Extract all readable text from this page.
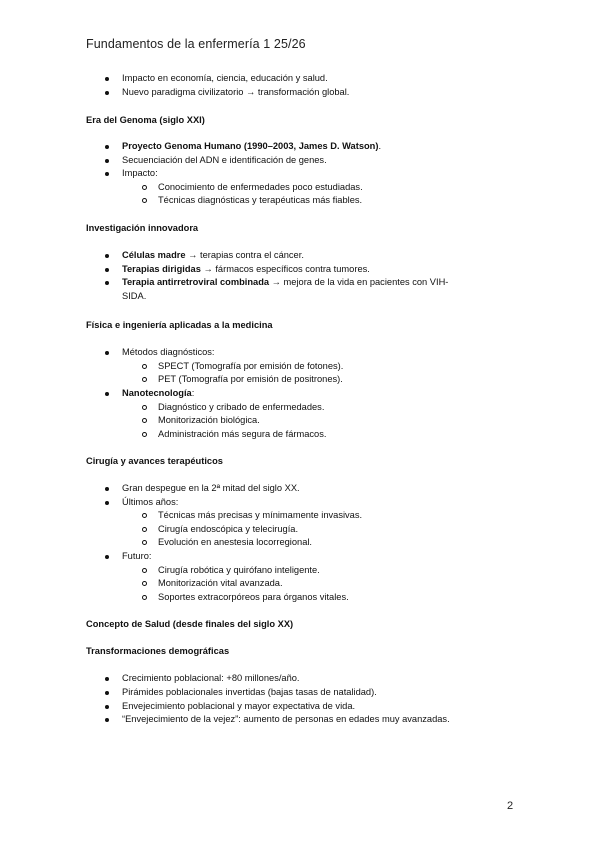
Fundamentos de la enfermería 1 25/26
Impacto en economía, ciencia, educación y salud.
Nuevo paradigma civilizatorio → transformación global.
Era del Genoma (siglo XXI)
Proyecto Genoma Humano (1990–2003, James D. Watson).
Secuenciación del ADN e identificación de genes.
Impacto:
Conocimiento de enfermedades poco estudiadas.
Técnicas diagnósticas y terapéuticas más fiables.
Investigación innovadora
Células madre → terapias contra el cáncer.
Terapias dirigidas → fármacos específicos contra tumores.
Terapia antirretroviral combinada → mejora de la vida en pacientes con VIH-
SIDA.
Física e ingeniería aplicadas a la medicina
Métodos diagnósticos:
SPECT (Tomografía por emisión de fotones).
PET (Tomografía por emisión de positrones).
Nanotecnología:
Diagnóstico y cribado de enfermedades.
Monitorización biológica.
Administración más segura de fármacos.
Cirugía y avances terapéuticos
Gran despegue en la 2ª mitad del siglo XX.
Últimos años:
Técnicas más precisas y mínimamente invasivas.
Cirugía endoscópica y telecirugía.
Evolución en anestesia locorregional.
Futuro:
Cirugía robótica y quirófano inteligente.
Monitorización vital avanzada.
Soportes extracorpóreos para órganos vitales.
Concepto de Salud (desde finales del siglo XX)
Transformaciones demográficas
Crecimiento poblacional: +80 millones/año.
Pirámides poblacionales invertidas (bajas tasas de natalidad).
Envejecimiento poblacional y mayor expectativa de vida.
“Envejecimiento de la vejez”: aumento de personas en edades muy avanzadas.
2
